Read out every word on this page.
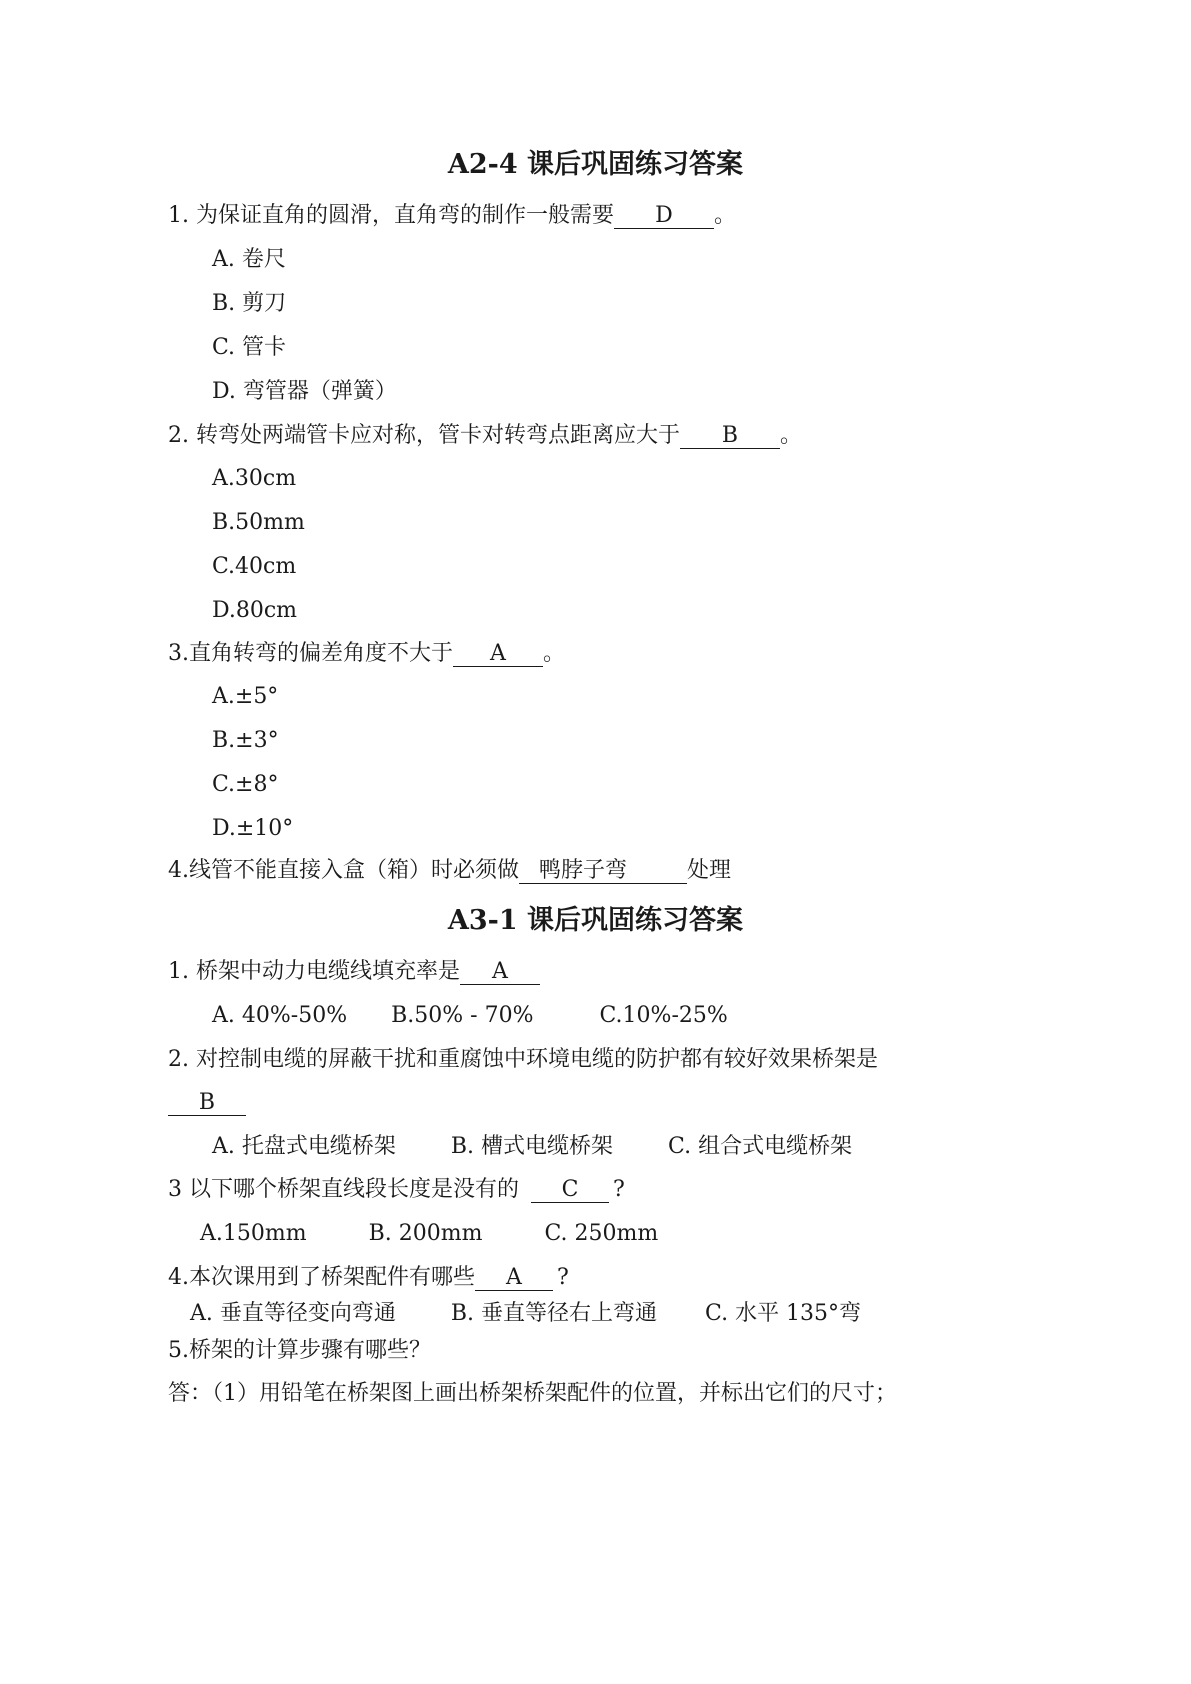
A2-4 课后巩固练习答案
1. 为保证直角的圆滑，直角弯的制作一般需要 D 。
A. 卷尺
B. 剪刀
C. 管卡
D. 弯管器（弹簧）
2. 转弯处两端管卡应对称，管卡对转弯点距离应大于 B 。
A.30cm
B.50mm
C.40cm
D.80cm
3.直角转弯的偏差角度不大于 A 。
A.±5°
B.±3°
C.±8°
D.±10°
4.线管不能直接入盒（箱）时必须做 鸭脖子弯	处理
A3-1 课后巩固练习答案
1. 桥架中动力电缆线填充率是 A
A. 40%-50% B.50% - 70%	C.10%-25%
2. 对控制电缆的屏蔽干扰和重腐蚀中环境电缆的防护都有较好效果桥架是
B
A. 托盘式电缆桥架	B. 槽式电缆桥架	C. 组合式电缆桥架
3 以下哪个桥架直线段长度是没有的 C ?
A.150mm	B. 200mm	C. 250mm
4.本次课用到了桥架配件有哪些 A ?
A. 垂直等径变向弯通	B. 垂直等径右上弯通 C. 水平 135°弯
5.桥架的计算步骤有哪些？
答：（1）用铅笔在桥架图上画出桥架桥架配件的位置，并标出它们的尺寸；
